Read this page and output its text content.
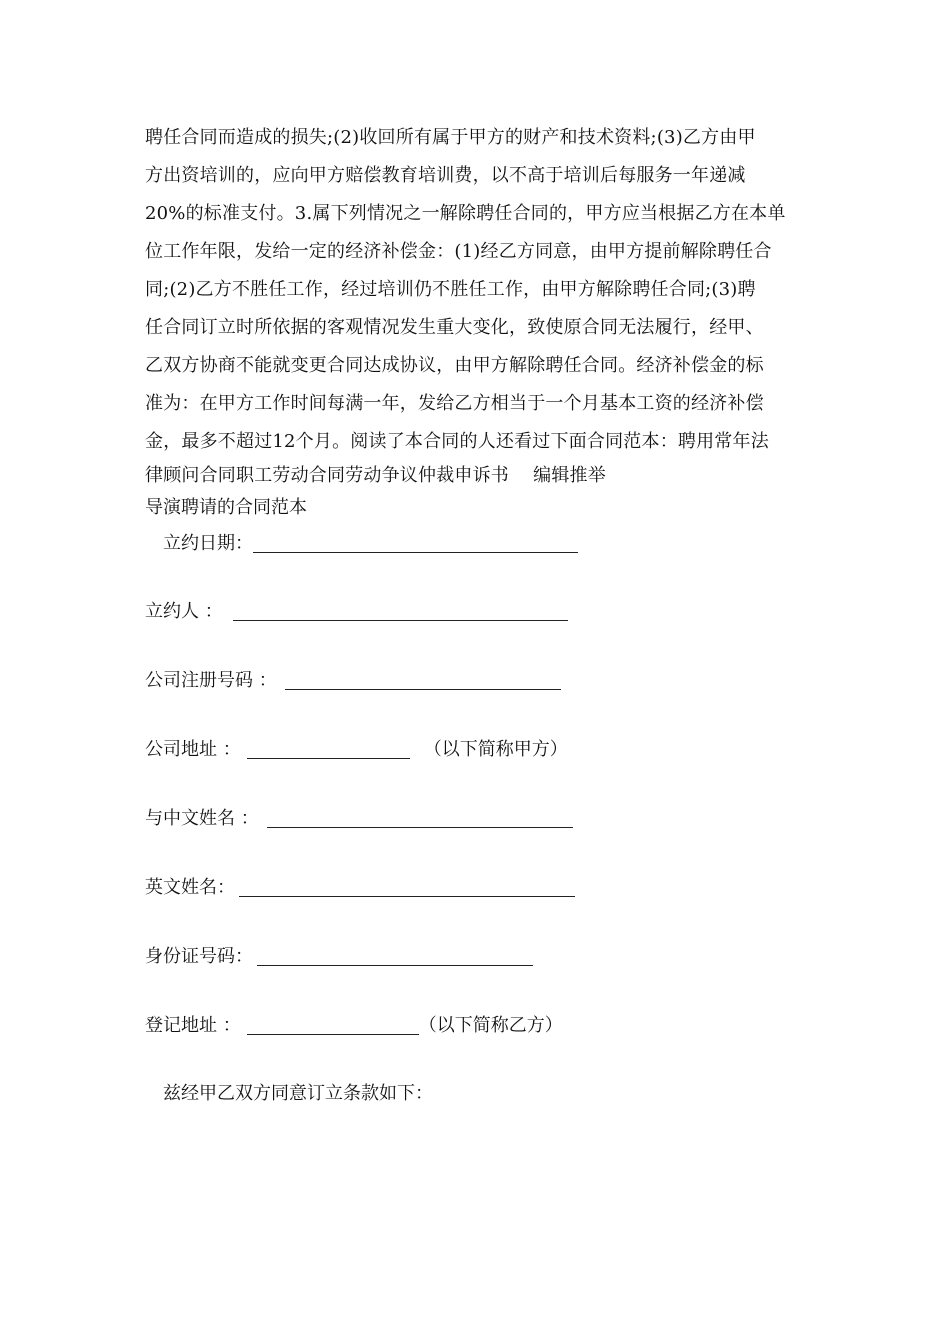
聘任合同而造成的损失;(2)收回所有属于甲方的财产和技术资料;(3)乙方由甲
方出资培训的，应向甲方赔偿教育培训费，以不高于培训后每服务一年递减
20%的标准支付。3.属下列情况之一解除聘任合同的，甲方应当根据乙方在本单
位工作年限，发给一定的经济补偿金：(1)经乙方同意，由甲方提前解除聘任合
同;(2)乙方不胜任工作，经过培训仍不胜任工作，由甲方解除聘任合同;(3)聘
任合同订立时所依据的客观情况发生重大变化，致使原合同无法履行，经甲、
乙双方协商不能就变更合同达成协议，由甲方解除聘任合同。经济补偿金的标
准为：在甲方工作时间每满一年，发给乙方相当于一个月基本工资的经济补偿
金，最多不超过12个月。阅读了本合同的人还看过下面合同范本：聘用常年法
律顾问合同职工劳动合同劳动争议仲裁申诉书　 编辑推举
导演聘请的合同范本
立约日期：
立约人 ：
公司注册号码 ：
公司地址 ：	（以下简称甲方）
与中文姓名 ：
英文姓名：
身份证号码：
登记地址 ：	（以下简称乙方）
兹经甲乙双方同意订立条款如下：
